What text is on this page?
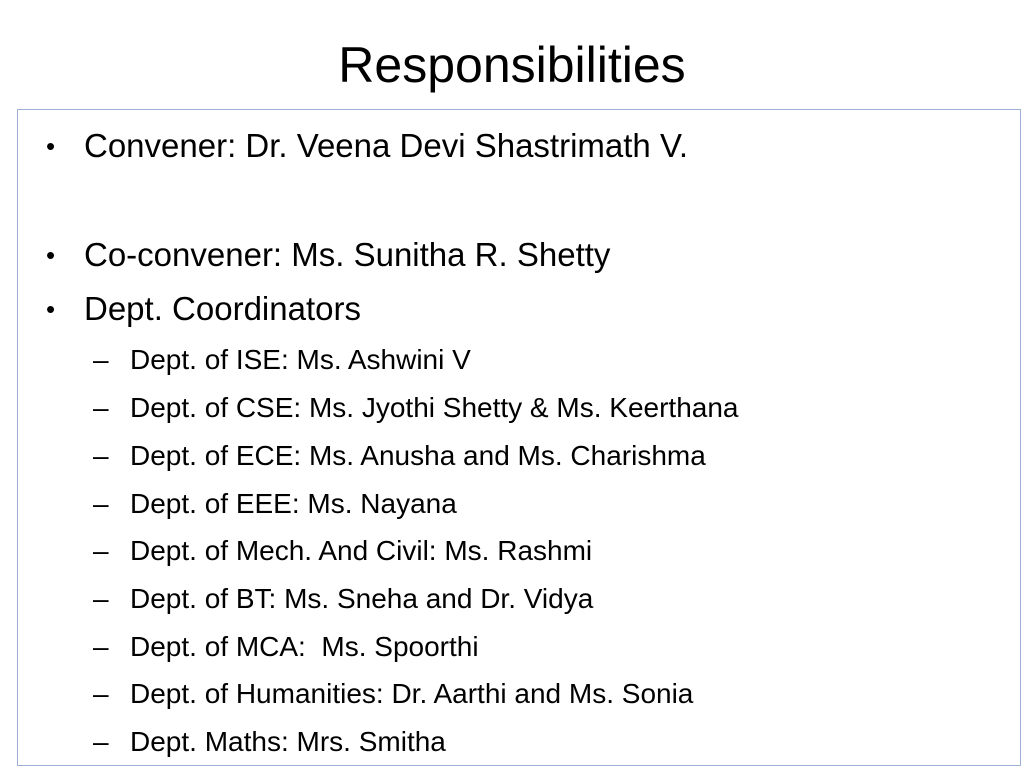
Responsibilities
• Convener: Dr. Veena Devi Shastrimath V.
• Co-convener: Ms. Sunitha R. Shetty
• Dept. Coordinators
– Dept. of ISE: Ms. Ashwini V
– Dept. of CSE: Ms. Jyothi Shetty & Ms. Keerthana
– Dept. of ECE: Ms. Anusha and Ms. Charishma
– Dept. of EEE: Ms. Nayana
– Dept. of Mech. And Civil: Ms. Rashmi
– Dept. of BT: Ms. Sneha and Dr. Vidya
– Dept. of MCA:  Ms. Spoorthi
– Dept. of Humanities: Dr. Aarthi and Ms. Sonia
– Dept. Maths: Mrs. Smitha
